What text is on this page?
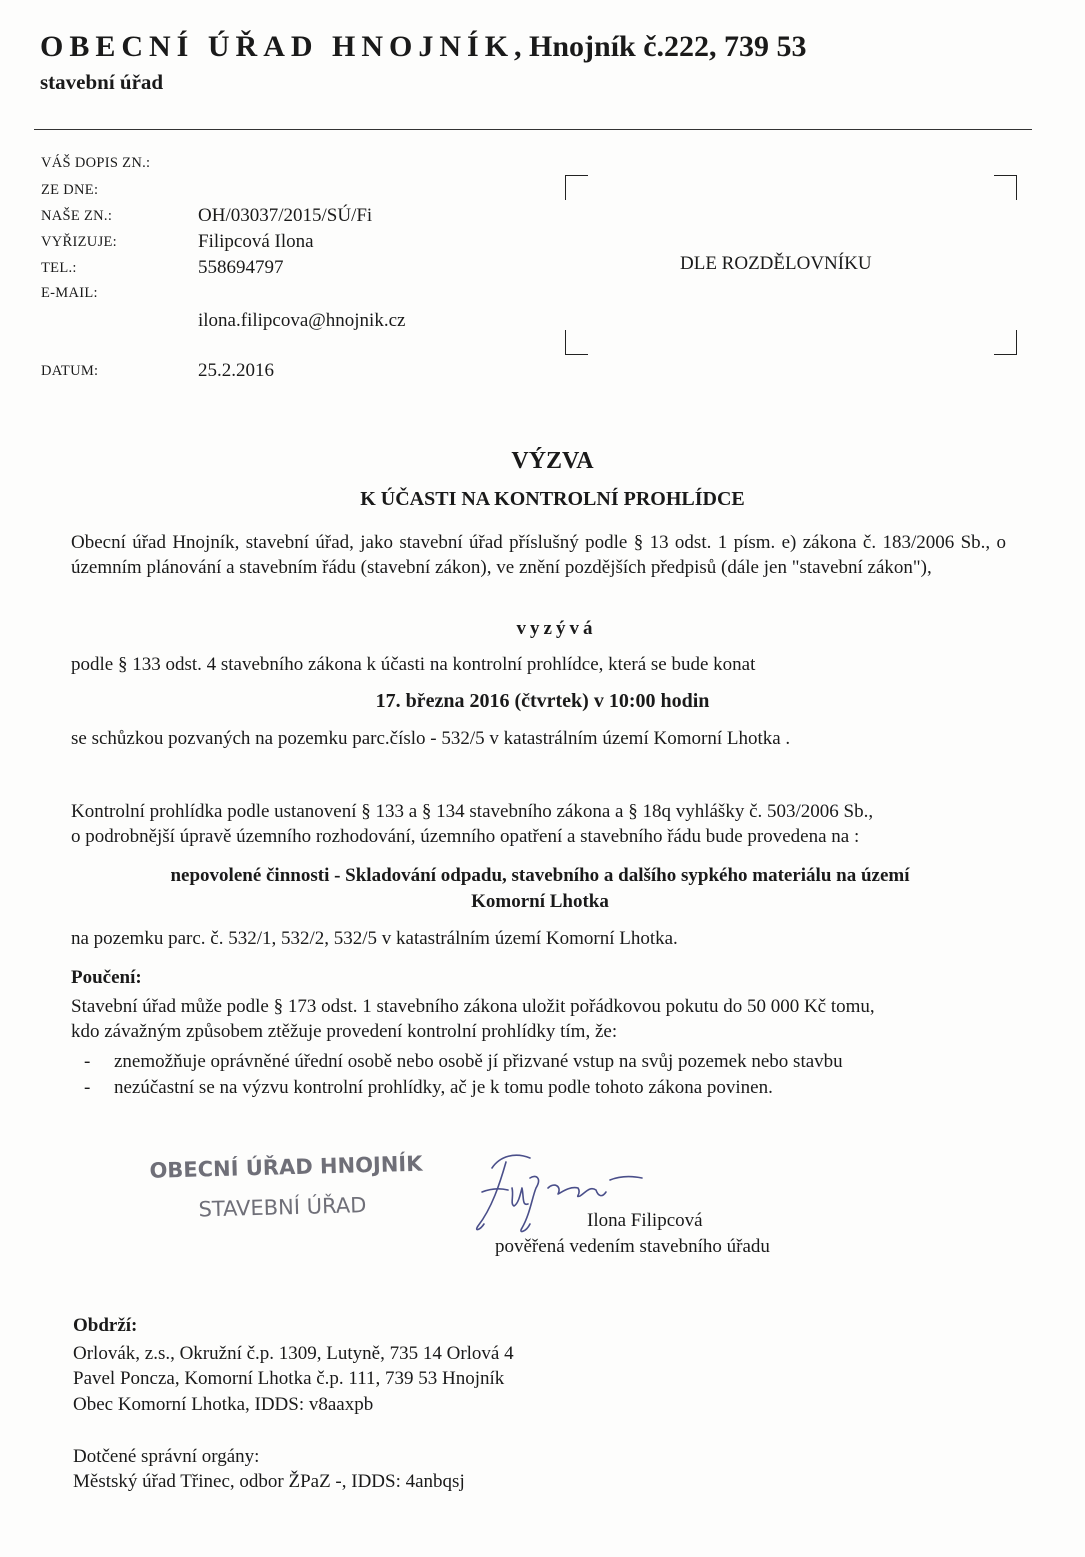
OBECNÍ ÚŘAD HNOJNÍK, Hnojník č.222, 739 53
stavební úřad
VÁŠ DOPIS ZN.:
ZE DNE:
NAŠE ZN.:	OH/03037/2015/SÚ/Fi
VYŘIZUJE:	Filipcová Ilona
TEL.:	558694797
E-MAIL:
ilona.filipcova@hnojnik.cz
DATUM:	25.2.2016
DLE ROZDĚLOVNÍKU
VÝZVA
K ÚČASTI NA KONTROLNÍ PROHLÍDCE
Obecní úřad Hnojník, stavební úřad, jako stavební úřad příslušný podle § 13 odst. 1 písm. e) zákona č. 183/2006 Sb., o územním plánování a stavebním řádu (stavební zákon), ve znění pozdějších předpisů (dále jen "stavební zákon"),
vyzývá
podle § 133 odst. 4 stavebního zákona k účasti na kontrolní prohlídce, která se bude konat
17. března 2016 (čtvrtek) v 10:00 hodin
se schůzkou pozvaných na pozemku parc.číslo - 532/5 v katastrálním území Komorní Lhotka .
Kontrolní prohlídka podle ustanovení § 133 a § 134 stavebního zákona a § 18q vyhlášky č. 503/2006 Sb.,
o podrobnější úpravě územního rozhodování, územního opatření a stavebního řádu bude provedena na :
nepovolené činnosti - Skladování odpadu, stavebního a dalšího sypkého materiálu na území
Komorní Lhotka
na pozemku parc. č. 532/1, 532/2, 532/5 v katastrálním území Komorní Lhotka.
Poučení:
Stavební úřad může podle § 173 odst. 1 stavebního zákona uložit pořádkovou pokutu do 50 000 Kč tomu,
kdo závažným způsobem ztěžuje provedení kontrolní prohlídky tím, že:
- znemožňuje oprávněné úřední osobě nebo osobě jí přizvané vstup na svůj pozemek nebo stavbu
- nezúčastní se na výzvu kontrolní prohlídky, ač je k tomu podle tohoto zákona povinen.
OBECNÍ ÚŘAD HNOJNÍK
STAVEBNÍ ÚŘAD	Ilona Filipcová
pověřená vedením stavebního úřadu
Obdrží:
Orlovák, z.s., Okružní č.p. 1309, Lutyně, 735 14 Orlová 4
Pavel Poncza, Komorní Lhotka č.p. 111, 739 53 Hnojník
Obec Komorní Lhotka, IDDS: v8aaxpb
Dotčené správní orgány:
Městský úřad Třinec, odbor ŽPaZ -, IDDS: 4anbqsj
